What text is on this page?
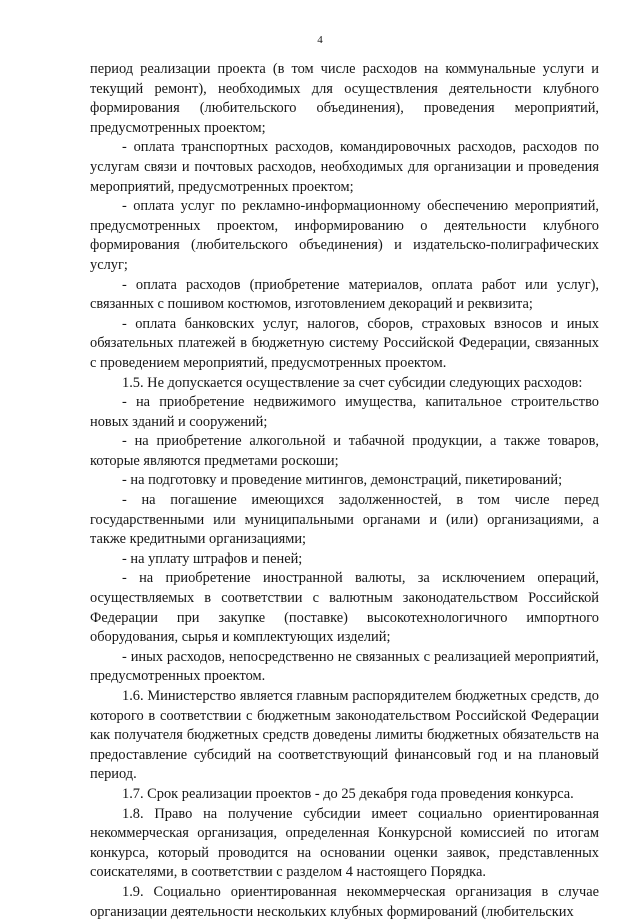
4

период реализации проекта (в том числе расходов на коммунальные услуги и текущий ремонт), необходимых для осуществления деятельности клубного формирования (любительского объединения), проведения мероприятий, предусмотренных проектом;

- оплата транспортных расходов, командировочных расходов, расходов по услугам связи и почтовых расходов, необходимых для организации и проведения мероприятий, предусмотренных проектом;

- оплата услуг по рекламно-информационному обеспечению мероприятий, предусмотренных проектом, информированию о деятельности клубного формирования (любительского объединения) и издательско-полиграфических услуг;

- оплата расходов (приобретение материалов, оплата работ или услуг), связанных с пошивом костюмов, изготовлением декораций и реквизита;

- оплата банковских услуг, налогов, сборов, страховых взносов и иных обязательных платежей в бюджетную систему Российской Федерации, связанных с проведением мероприятий, предусмотренных проектом.

1.5. Не допускается осуществление за счет субсидии следующих расходов:

- на приобретение недвижимого имущества, капитальное строительство новых зданий и сооружений;

- на приобретение алкогольной и табачной продукции, а также товаров, которые являются предметами роскоши;

- на подготовку и проведение митингов, демонстраций, пикетирований;

- на погашение имеющихся задолженностей, в том числе перед государственными или муниципальными органами и (или) организациями, а также кредитными организациями;

- на уплату штрафов и пеней;

- на приобретение иностранной валюты, за исключением операций, осуществляемых в соответствии с валютным законодательством Российской Федерации при закупке (поставке) высокотехнологичного импортного оборудования, сырья и комплектующих изделий;

- иных расходов, непосредственно не связанных с реализацией мероприятий, предусмотренных проектом.

1.6. Министерство является главным распорядителем бюджетных средств, до которого в соответствии с бюджетным законодательством Российской Федерации как получателя бюджетных средств доведены лимиты бюджетных обязательств на предоставление субсидий на соответствующий финансовый год и на плановый период.

1.7. Срок реализации проектов - до 25 декабря года проведения конкурса.

1.8. Право на получение субсидии имеет социально ориентированная некоммерческая организация, определенная Конкурсной комиссией по итогам конкурса, который проводится на основании оценки заявок, представленных соискателями, в соответствии с разделом 4 настоящего Порядка.

1.9. Социально ориентированная некоммерческая организация в случае организации деятельности нескольких клубных формирований (любительских
